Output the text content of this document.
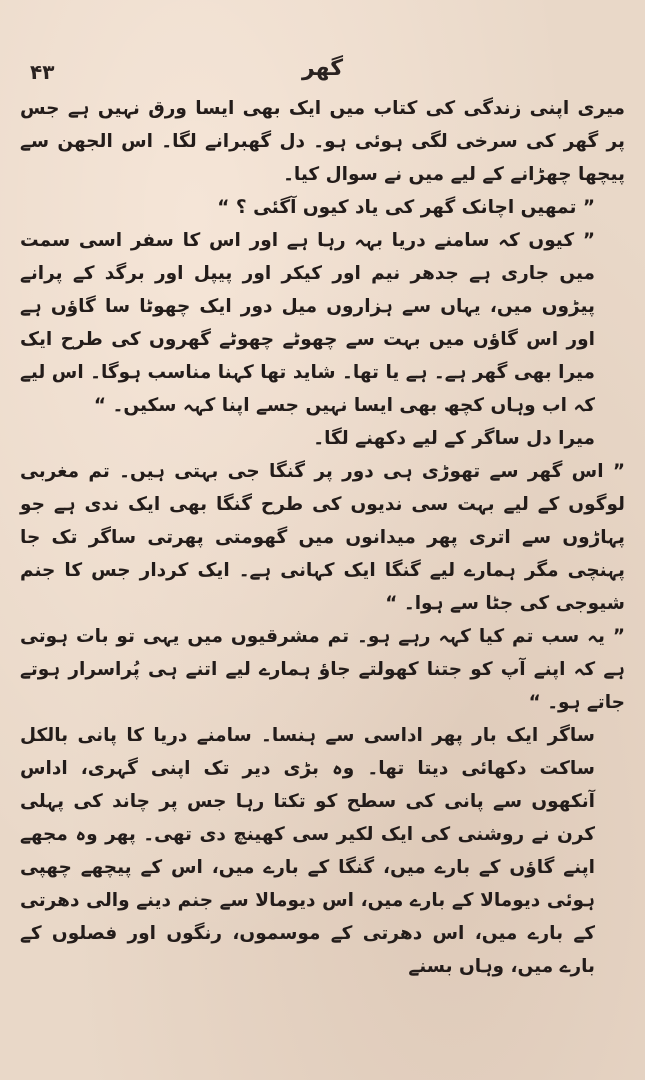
۴۳	گھر

میری اپنی زندگی کی کتاب میں ایک بھی ایسا ورق نہیں ہے جس پر گھر کی سرخی لگی ہوئی ہو۔ دل گھبرانے لگا۔ اس الجھن سے پیچھا چھڑانے کے لیے میں نے سوال کیا۔

” تمھیں اچانک گھر کی یاد کیوں آگئی ؟ “

” کیوں کہ سامنے دریا بہہ رہا ہے اور اس کا سفر اسی سمت میں جاری ہے جدھر نیم اور کیکر اور پیپل اور برگد کے پرانے پیڑوں میں، یہاں سے ہزاروں میل دور ایک چھوٹا سا گاؤں ہے اور اس گاؤں میں بہت سے چھوٹے چھوٹے گھروں کی طرح ایک میرا بھی گھر ہے۔ ہے یا تھا۔ شاید تھا کہنا مناسب ہوگا۔ اس لیے کہ اب وہاں کچھ بھی ایسا نہیں جسے اپنا کہہ سکیں۔ “

میرا دل ساگر کے لیے دکھنے لگا۔

” اس گھر سے تھوڑی ہی دور پر گنگا جی بہتی ہیں۔ تم مغربی لوگوں کے لیے بہت سی ندیوں کی طرح گنگا بھی ایک ندی ہے جو پہاڑوں سے اتری پھر میدانوں میں گھومتی پھرتی ساگر تک جا پہنچی مگر ہمارے لیے گنگا ایک کہانی ہے۔ ایک کردار جس کا جنم شیوجی کی جٹا سے ہوا۔ “

” یہ سب تم کیا کہہ رہے ہو۔ تم مشرقیوں میں یہی تو بات ہوتی ہے کہ اپنے آپ کو جتنا کھولتے جاؤ ہمارے لیے اتنے ہی پُراسرار ہوتے جاتے ہو۔ “

ساگر ایک بار پھر اداسی سے ہنسا۔ سامنے دریا کا پانی بالکل ساکت دکھائی دیتا تھا۔ وہ بڑی دیر تک اپنی گہری، اداس آنکھوں سے پانی کی سطح کو تکتا رہا جس پر چاند کی پہلی کرن نے روشنی کی ایک لکیر سی کھینچ دی تھی۔ پھر وہ مجھے اپنے گاؤں کے بارے میں، گنگا کے بارے میں، اس کے پیچھے چھپی ہوئی دیومالا کے بارے میں، اس دیومالا سے جنم دینے والی دھرتی کے بارے میں، اس دھرتی کے موسموں، رنگوں اور فصلوں کے بارے میں، وہاں بسنے
